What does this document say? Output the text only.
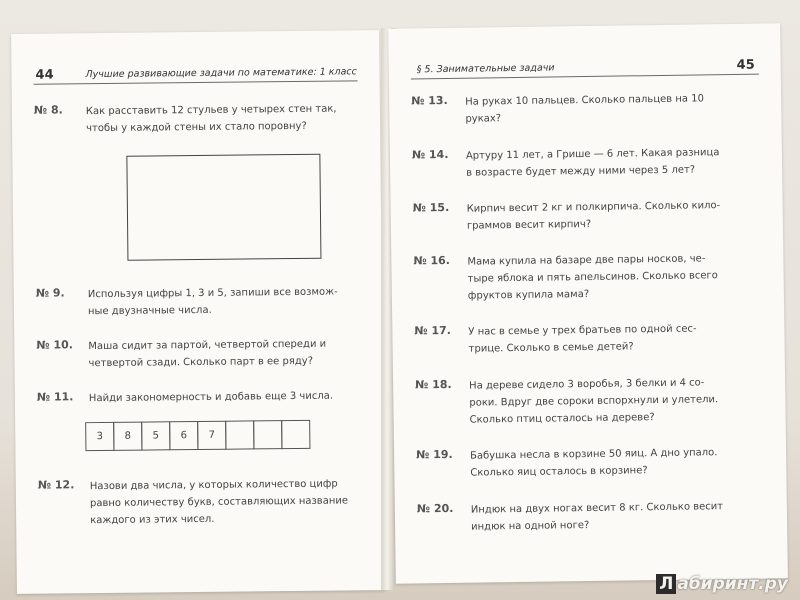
44	Лучшие развивающие задачи по математике: 1 класс
№ 8. Как расставить 12 стульев у четырех стен так,
чтобы у каждой стены их стало поровну?
№ 9. Используя цифры 1, 3 и 5, запиши все возмож-
ные двузначные числа.
№ 10. Маша сидит за партой, четвертой спереди и
четвертой сзади. Сколько парт в ее ряду?
№ 11. Найди закономерность и добавь еще 3 числа.
3	8	5	6	7
№ 12. Назови два числа, у которых количество цифр
равно количеству букв, составляющих название
каждого из этих чисел.
§ 5. Занимательные задачи	45
№ 13. На руках 10 пальцев. Сколько пальцев на 10
руках?
№ 14. Артуру 11 лет, а Грише — 6 лет. Какая разница
в возрасте будет между ними через 5 лет?
№ 15. Кирпич весит 2 кг и полкирпича. Сколько кило-
граммов весит кирпич?
№ 16. Мама купила на базаре две пары носков, че-
тыре яблока и пять апельсинов. Сколько всего
фруктов купила мама?
№ 17. У нас в семье у трех братьев по одной сес-
трице. Сколько в семье детей?
№ 18. На дереве сидело 3 воробья, 3 белки и 4 со-
роки. Вдруг две сороки вспорхнули и улетели.
Сколько птиц осталось на дереве?
№ 19. Бабушка несла в корзине 50 яиц. А дно упало.
Сколько яиц осталось в корзине?
№ 20. Индюк на двух ногах весит 8 кг. Сколько весит
индюк на одной ноге?
Л абиринт.ру
